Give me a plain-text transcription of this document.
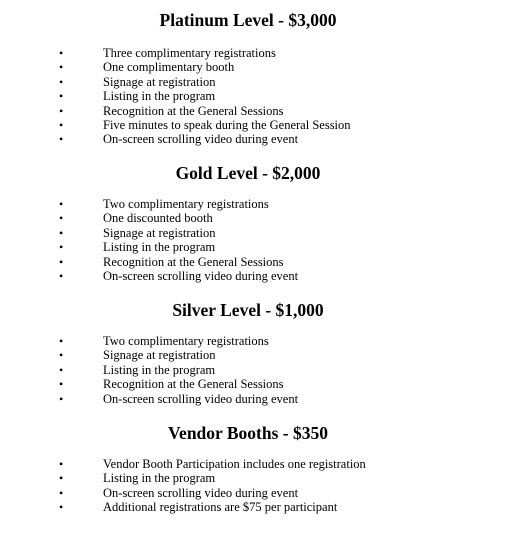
Platinum Level - $3,000
•	Three complimentary registrations
•	One complimentary booth
•	Signage at registration
•	Listing in the program
•	Recognition at the General Sessions
•	Five minutes to speak during the General Session
•	On-screen scrolling video during event
Gold Level - $2,000
•	Two complimentary registrations
•	One discounted booth
•	Signage at registration
•	Listing in the program
•	Recognition at the General Sessions
•	On-screen scrolling video during event
Silver Level - $1,000
•	Two complimentary registrations
•	Signage at registration
•	Listing in the program
•	Recognition at the General Sessions
•	On-screen scrolling video during event
Vendor Booths - $350
•	Vendor Booth Participation includes one registration
•	Listing in the program
•	On-screen scrolling video during event
•	Additional registrations are $75 per participant
